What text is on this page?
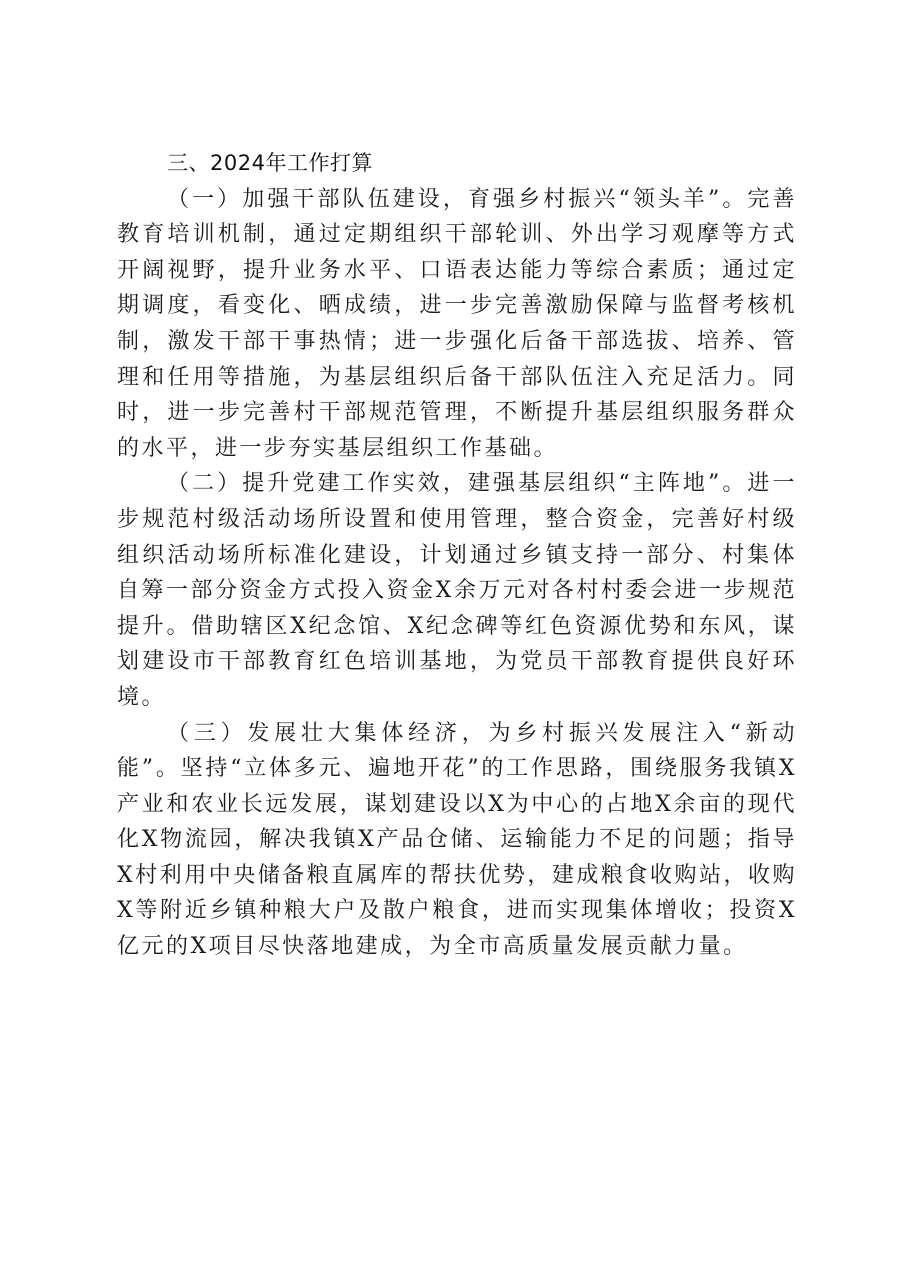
三、2024年工作打算

（一）加强干部队伍建设，育强乡村振兴“领头羊”。完善教育培训机制，通过定期组织干部轮训、外出学习观摩等方式开阔视野，提升业务水平、口语表达能力等综合素质；通过定期调度，看变化、晒成绩，进一步完善激励保障与监督考核机制，激发干部干事热情；进一步强化后备干部选拔、培养、管理和任用等措施，为基层组织后备干部队伍注入充足活力。同时，进一步完善村干部规范管理，不断提升基层组织服务群众的水平，进一步夯实基层组织工作基础。

（二）提升党建工作实效，建强基层组织“主阵地”。进一步规范村级活动场所设置和使用管理，整合资金，完善好村级组织活动场所标准化建设，计划通过乡镇支持一部分、村集体自筹一部分资金方式投入资金X余万元对各村村委会进一步规范提升。借助辖区X纪念馆、X纪念碑等红色资源优势和东风，谋划建设市干部教育红色培训基地，为党员干部教育提供良好环境。

（三）发展壮大集体经济，为乡村振兴发展注入“新动能”。坚持“立体多元、遍地开花”的工作思路，围绕服务我镇X产业和农业长远发展，谋划建设以X为中心的占地X余亩的现代化X物流园，解决我镇X产品仓储、运输能力不足的问题；指导X村利用中央储备粮直属库的帮扶优势，建成粮食收购站，收购X等附近乡镇种粮大户及散户粮食，进而实现集体增收；投资X亿元的X项目尽快落地建成，为全市高质量发展贡献力量。
